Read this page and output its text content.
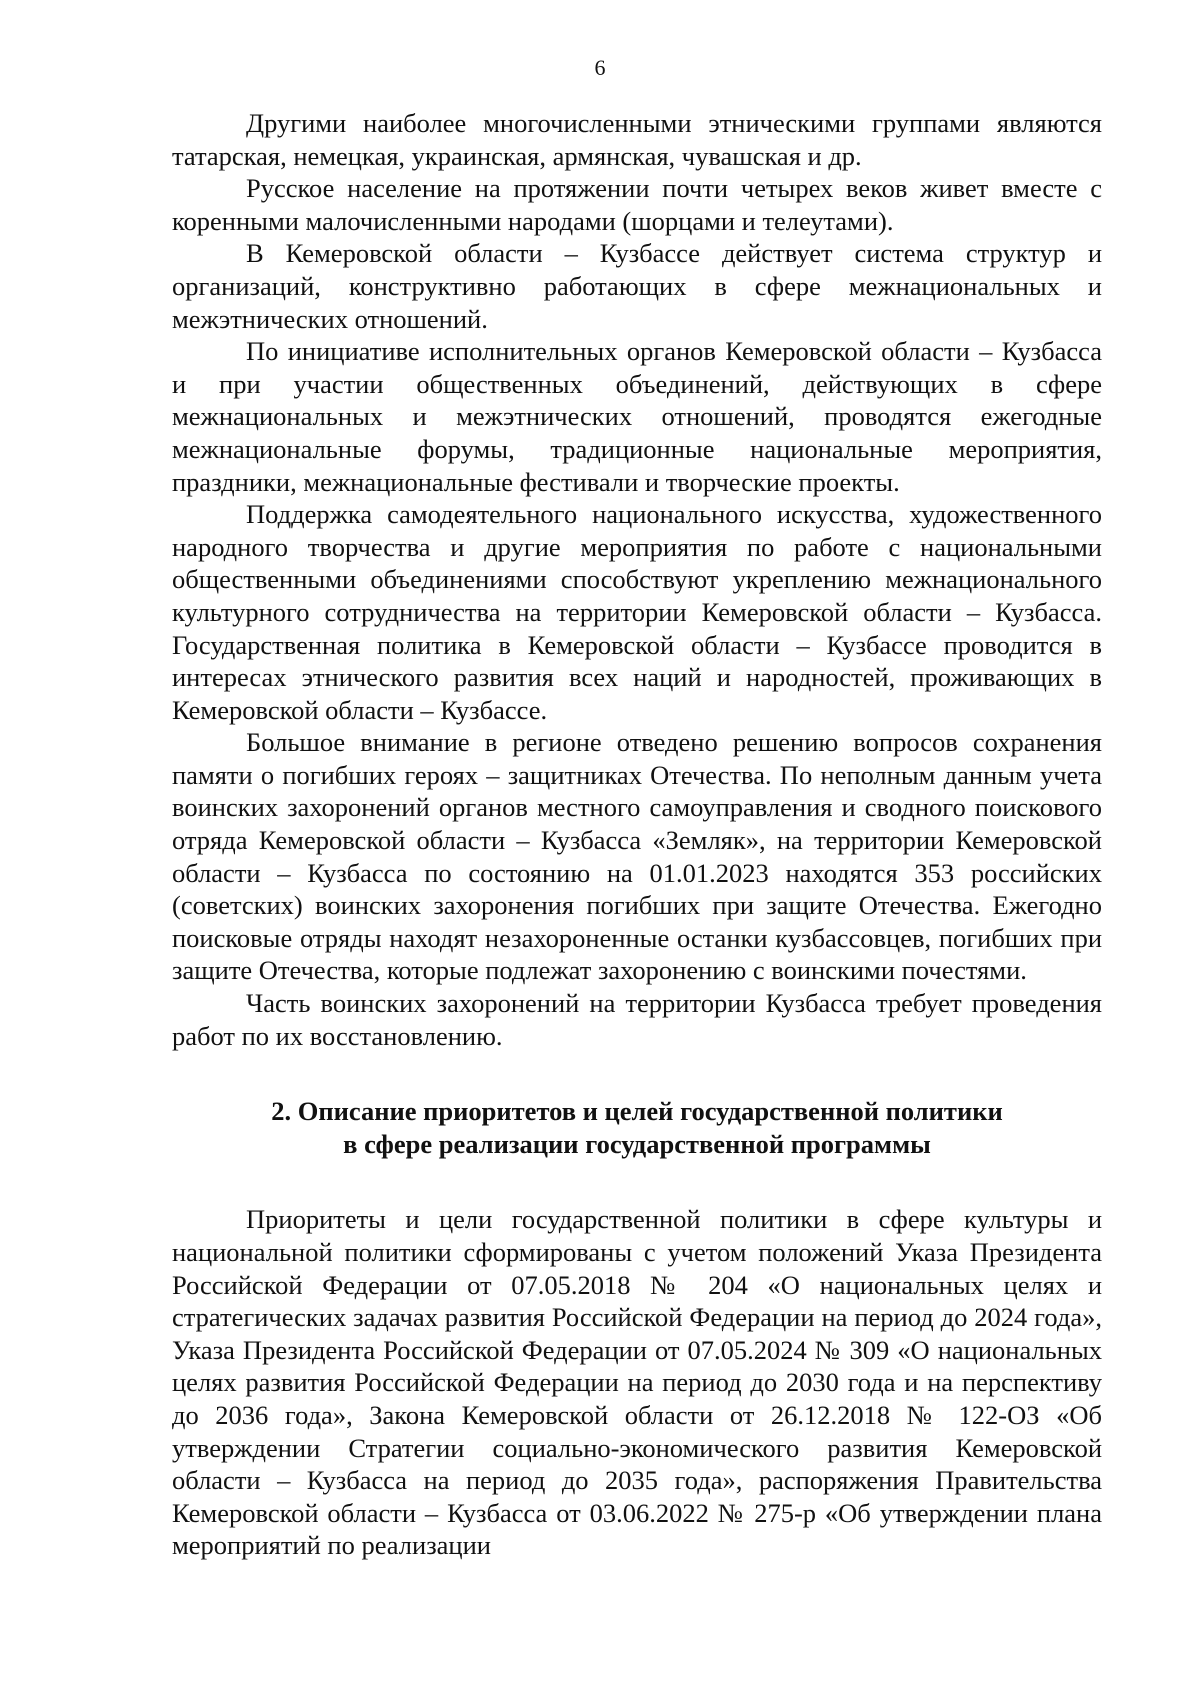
6

Другими наиболее многочисленными этническими группами являются татарская, немецкая, украинская, армянская, чувашская и др.

Русское население на протяжении почти четырех веков живет вместе с коренными малочисленными народами (шорцами и телеутами).

В Кемеровской области – Кузбассе действует система структур и организаций, конструктивно работающих в сфере межнациональных и межэтнических отношений.

По инициативе исполнительных органов Кемеровской области – Кузбасса и при участии общественных объединений, действующих в сфере межнациональных и межэтнических отношений, проводятся ежегодные межнациональные форумы, традиционные национальные мероприятия, праздники, межнациональные фестивали и творческие проекты.

Поддержка самодеятельного национального искусства, художественного народного творчества и другие мероприятия по работе с национальными общественными объединениями способствуют укреплению межнационального культурного сотрудничества на территории Кемеровской области – Кузбасса. Государственная политика в Кемеровской области – Кузбассе проводится в интересах этнического развития всех наций и народностей, проживающих в Кемеровской области – Кузбассе.

Большое внимание в регионе отведено решению вопросов сохранения памяти о погибших героях – защитниках Отечества. По неполным данным учета воинских захоронений органов местного самоуправления и сводного поискового отряда Кемеровской области – Кузбасса «Земляк», на территории Кемеровской области – Кузбасса по состоянию на 01.01.2023 находятся 353 российских (советских) воинских захоронения погибших при защите Отечества. Ежегодно поисковые отряды находят незахороненные останки кузбассовцев, погибших при защите Отечества, которые подлежат захоронению с воинскими почестями.

Часть воинских захоронений на территории Кузбасса требует проведения работ по их восстановлению.

2. Описание приоритетов и целей государственной политики
в сфере реализации государственной программы

Приоритеты и цели государственной политики в сфере культуры и национальной политики сформированы с учетом положений Указа Президента Российской Федерации от 07.05.2018 № 204 «О национальных целях и стратегических задачах развития Российской Федерации на период до 2024 года», Указа Президента Российской Федерации от 07.05.2024 № 309 «О национальных целях развития Российской Федерации на период до 2030 года и на перспективу до 2036 года», Закона Кемеровской области от 26.12.2018 № 122-ОЗ «Об утверждении Стратегии социально-экономического развития Кемеровской области – Кузбасса на период до 2035 года», распоряжения Правительства Кемеровской области – Кузбасса от 03.06.2022 № 275-р «Об утверждении плана мероприятий по реализации
